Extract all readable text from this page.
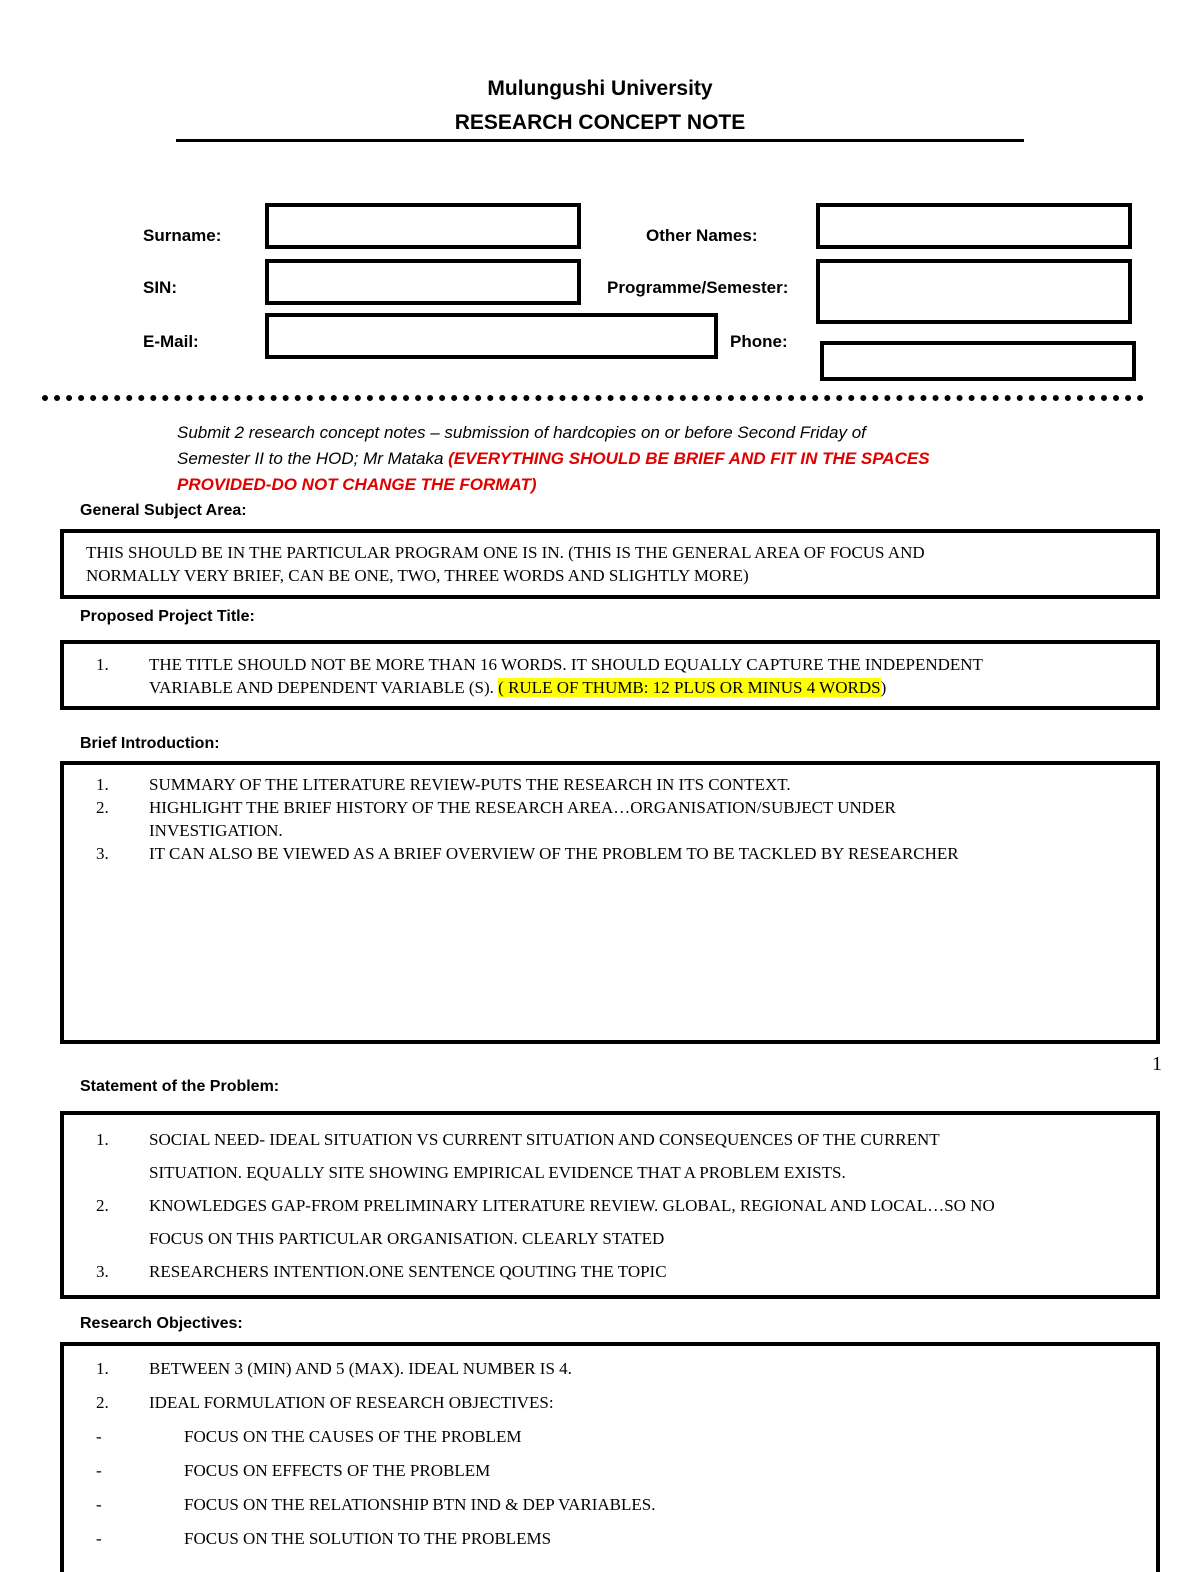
Mulungushi University
RESEARCH CONCEPT NOTE
Surname:	Other Names:
SIN:	Programme/Semester:
E-Mail:	Phone:
Submit 2 research concept notes – submission of hardcopies on or before Second Friday of
Semester II to the HOD; Mr Mataka (EVERYTHING SHOULD BE BRIEF AND FIT IN THE SPACES
PROVIDED-DO NOT CHANGE THE FORMAT)
General Subject Area:
THIS SHOULD BE IN THE PARTICULAR PROGRAM ONE IS IN. (THIS IS THE GENERAL AREA OF FOCUS AND
NORMALLY VERY BRIEF, CAN BE ONE, TWO, THREE WORDS AND SLIGHTLY MORE)
Proposed Project Title:
1.	THE TITLE SHOULD NOT BE MORE THAN 16 WORDS. IT SHOULD EQUALLY CAPTURE THE INDEPENDENT
VARIABLE AND DEPENDENT VARIABLE (S). ( RULE OF THUMB: 12 PLUS OR MINUS 4 WORDS)
Brief Introduction:
1.	SUMMARY OF THE LITERATURE REVIEW-PUTS THE RESEARCH IN ITS CONTEXT.
2.	HIGHLIGHT THE BRIEF HISTORY OF THE RESEARCH AREA…ORGANISATION/SUBJECT UNDER
INVESTIGATION.
3.	IT CAN ALSO BE VIEWED AS A BRIEF OVERVIEW OF THE PROBLEM TO BE TACKLED BY RESEARCHER
1
Statement of the Problem:
1.	SOCIAL NEED- IDEAL SITUATION VS CURRENT SITUATION AND CONSEQUENCES OF THE CURRENT
SITUATION. EQUALLY SITE SHOWING EMPIRICAL EVIDENCE THAT A PROBLEM EXISTS.
2.	KNOWLEDGES GAP-FROM PRELIMINARY LITERATURE REVIEW. GLOBAL, REGIONAL AND LOCAL…SO NO
FOCUS ON THIS PARTICULAR ORGANISATION. CLEARLY STATED
3.	RESEARCHERS INTENTION.ONE SENTENCE QOUTING THE TOPIC
Research Objectives:
1.	BETWEEN 3 (MIN) AND 5 (MAX). IDEAL NUMBER IS 4.
2.	IDEAL FORMULATION OF RESEARCH OBJECTIVES:
-	FOCUS ON THE CAUSES OF THE PROBLEM
-	FOCUS ON EFFECTS OF THE PROBLEM
-	FOCUS ON THE RELATIONSHIP BTN IND & DEP VARIABLES.
-	FOCUS ON THE SOLUTION TO THE PROBLEMS
